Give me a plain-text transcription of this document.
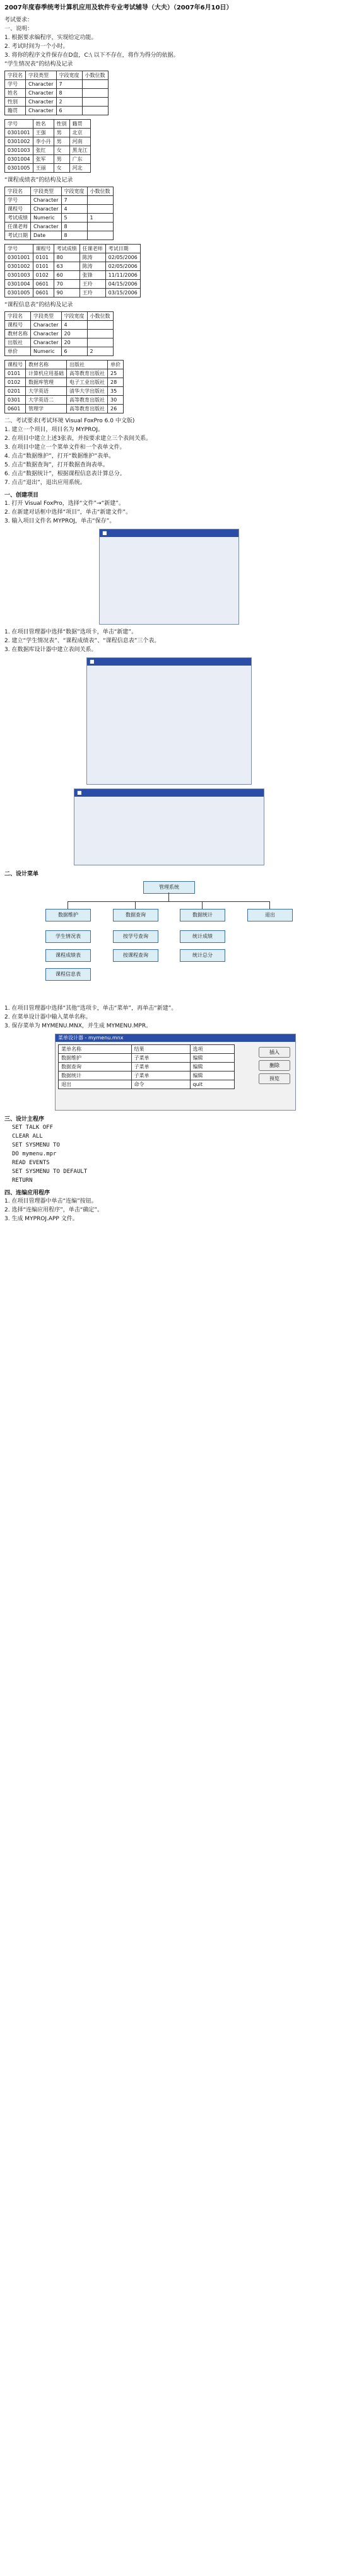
2007年度春季统考计算机应用及软件专业考试辅导（大夫）（2007年6月10日）
考试要求：
一、说明：
1. 根据要求编程序，实现给定功能。
2. 考试时间为一个小时。
3. 将你的程序文件保存在D盘，C:\ 以下不存在，将作为得分的依据。
“学生情况表”的结构及记录
字段名	字段类型	字段宽度	小数位数
学号	Character	7	
姓名	Character	8	
性别	Character	2	
籍贯	Character	6	
学号	姓名	性别	籍贯
0301001	王强	男	北京
0301002	李小丹	男	河南
0301003	张红	女	黑龙江
0301004	张军	男	广东
0301005	王丽	女	河北
“课程成绩表”的结构及记录
字段名	字段类型	字段宽度	小数位数
学号	Character	7	
课程号	Character	4	
考试成绩	Numeric	5	1
任课老师	Character	8	
考试日期	Date	8	
学号	课程号	考试成绩	任课老师	考试日期
0301001	0101	80	陈涛	02/05/2006
0301002	0101	63	陈涛	02/05/2006
0301003	0102	60	张锋	11/11/2006
0301004	0601	70	王玲	04/15/2006
0301005	0601	90	王玲	03/15/2006
“课程信息表”的结构及记录
字段名	字段类型	字段宽度	小数位数
课程号	Character	4	
教材名称	Character	20	
出版社	Character	20	
单价	Numeric	6	2
课程号	教材名称	出版社	单价
0101	计算机应用基础	高等教育出版社	25
0102	数据库管理	电子工业出版社	28
0201	大学英语	清华大学出版社	35
0301	大学英语二	高等教育出版社	30
0601	管理学	高等教育出版社	26
二、考试要求(考试环境 Visual FoxPro 6.0 中文版)
1. 建立一个项目，项目名为 MYPROJ。
2. 在项目中建立上述3张表，并按要求建立三个表间关系。
3. 在项目中建立一个菜单文件和一个表单文件。
4. 点击“数据维护”，打开“数据维护”表单。
5. 点击“数据查询”，打开数据查询表单。
6. 点击“数据统计”，根据课程信息表计算总分。
7. 点击“退出”，退出应用系统。
一、创建项目
1. 打开 Visual FoxPro，选择“文件”→“新建”。
2. 在新建对话框中选择“项目”，单击“新建文件”。
3. 输入项目文件名 MYPROJ，单击“保存”。
■
1. 在项目管理器中选择“数据”选项卡，单击“新建”。
2. 建立“学生情况表”、“课程成绩表”、“课程信息表”三个表。
3. 在数据库设计器中建立表间关系。
■
■
二、设计菜单
管理系统
数据维护	数据查询	数据统计	退出
学生情况表
课程成绩表
课程信息表
按学号查询
按课程查询
统计成绩
统计总分
1. 在项目管理器中选择“其他”选项卡，单击“菜单”，再单击“新建”。
2. 在菜单设计器中输入菜单名称。
3. 保存菜单为 MYMENU.MNX，并生成 MYMENU.MPR。
菜单设计器 - mymenu.mnx
菜单名称	结果	选项
数据维护	子菜单	编辑
数据查询	子菜单	编辑
数据统计	子菜单	编辑
退出	命令	quit
插入
删除
预览
三、设计主程序
SET TALK OFF
CLEAR ALL
SET SYSMENU TO
DO mymenu.mpr
READ EVENTS
SET SYSMENU TO DEFAULT
RETURN
四、连编应用程序
1. 在项目管理器中单击“连编”按钮。
2. 选择“连编应用程序”，单击“确定”。
3. 生成 MYPROJ.APP 文件。
